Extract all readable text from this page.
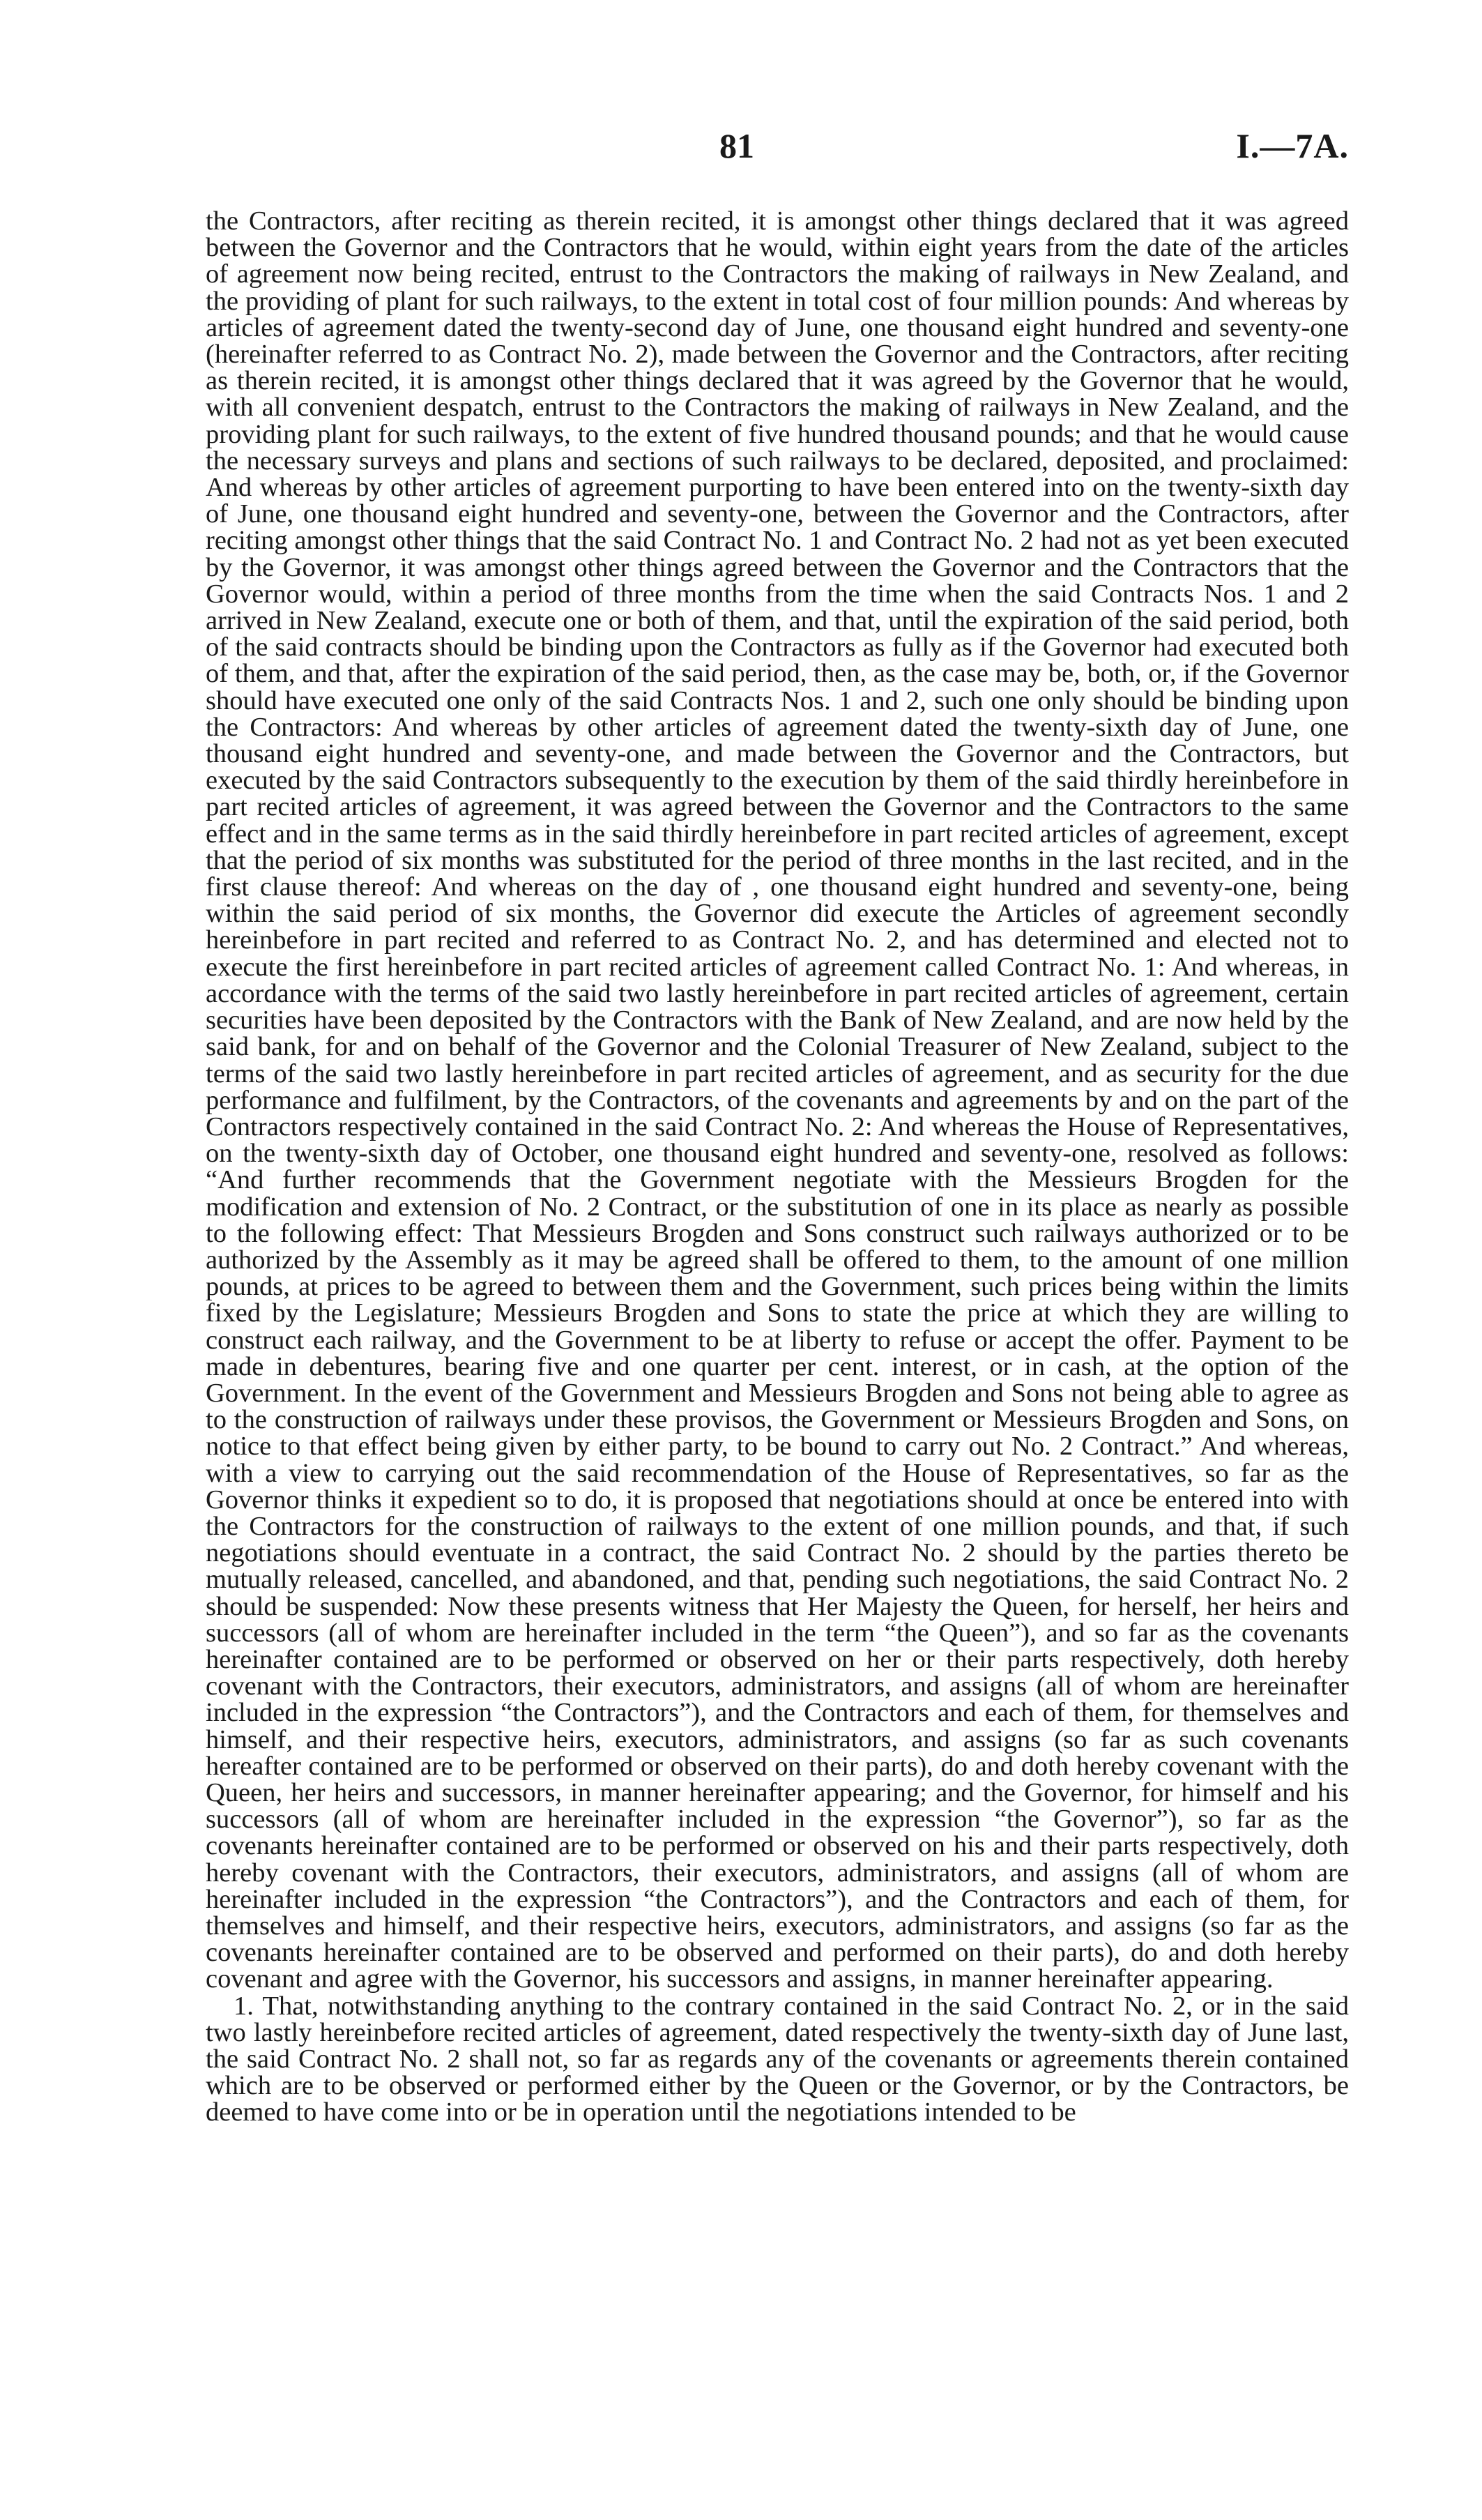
81	I.—7A.

the Contractors, after reciting as therein recited, it is amongst other things declared that it was agreed between the Governor and the Contractors that he would, within eight years from the date of the articles of agreement now being recited, entrust to the Contractors the making of railways in New Zealand, and the providing of plant for such railways, to the extent in total cost of four million pounds: And whereas by articles of agreement dated the twenty-second day of June, one thousand eight hundred and seventy-one (hereinafter referred to as Contract No. 2), made between the Governor and the Contractors, after reciting as therein recited, it is amongst other things declared that it was agreed by the Governor that he would, with all convenient despatch, entrust to the Contractors the making of railways in New Zealand, and the providing plant for such railways, to the extent of five hundred thousand pounds; and that he would cause the necessary surveys and plans and sections of such railways to be declared, deposited, and proclaimed: And whereas by other articles of agreement purporting to have been entered into on the twenty-sixth day of June, one thousand eight hundred and seventy-one, between the Governor and the Contractors, after reciting amongst other things that the said Contract No. 1 and Contract No. 2 had not as yet been executed by the Governor, it was amongst other things agreed between the Governor and the Contractors that the Governor would, within a period of three months from the time when the said Contracts Nos. 1 and 2 arrived in New Zealand, execute one or both of them, and that, until the expiration of the said period, both of the said contracts should be binding upon the Contractors as fully as if the Governor had executed both of them, and that, after the expiration of the said period, then, as the case may be, both, or, if the Governor should have executed one only of the said Contracts Nos. 1 and 2, such one only should be binding upon the Contractors: And whereas by other articles of agreement dated the twenty-sixth day of June, one thousand eight hundred and seventy-one, and made between the Governor and the Contractors, but executed by the said Contractors subsequently to the execution by them of the said thirdly hereinbefore in part recited articles of agreement, it was agreed between the Governor and the Contractors to the same effect and in the same terms as in the said thirdly hereinbefore in part recited articles of agreement, except that the period of six months was substituted for the period of three months in the last recited, and in the first clause thereof: And whereas on the day of , one thousand eight hundred and seventy-one, being within the said period of six months, the Governor did execute the Articles of agreement secondly hereinbefore in part recited and referred to as Contract No. 2, and has determined and elected not to execute the first hereinbefore in part recited articles of agreement called Contract No. 1: And whereas, in accordance with the terms of the said two lastly hereinbefore in part recited articles of agreement, certain securities have been deposited by the Contractors with the Bank of New Zealand, and are now held by the said bank, for and on behalf of the Governor and the Colonial Treasurer of New Zealand, subject to the terms of the said two lastly hereinbefore in part recited articles of agreement, and as security for the due performance and fulfilment, by the Contractors, of the covenants and agreements by and on the part of the Contractors respectively contained in the said Contract No. 2: And whereas the House of Representatives, on the twenty-sixth day of October, one thousand eight hundred and seventy-one, resolved as follows: “And further recommends that the Government negotiate with the Messieurs Brogden for the modification and extension of No. 2 Contract, or the substitution of one in its place as nearly as possible to the following effect: That Messieurs Brogden and Sons construct such railways authorized or to be authorized by the Assembly as it may be agreed shall be offered to them, to the amount of one million pounds, at prices to be agreed to between them and the Government, such prices being within the limits fixed by the Legislature; Messieurs Brogden and Sons to state the price at which they are willing to construct each railway, and the Government to be at liberty to refuse or accept the offer. Payment to be made in debentures, bearing five and one quarter per cent. interest, or in cash, at the option of the Government. In the event of the Government and Messieurs Brogden and Sons not being able to agree as to the construction of railways under these provisos, the Government or Messieurs Brogden and Sons, on notice to that effect being given by either party, to be bound to carry out No. 2 Contract.” And whereas, with a view to carrying out the said recommendation of the House of Representatives, so far as the Governor thinks it expedient so to do, it is proposed that negotiations should at once be entered into with the Contractors for the construction of railways to the extent of one million pounds, and that, if such negotiations should eventuate in a contract, the said Contract No. 2 should by the parties thereto be mutually released, cancelled, and abandoned, and that, pending such negotiations, the said Contract No. 2 should be suspended: Now these presents witness that Her Majesty the Queen, for herself, her heirs and successors (all of whom are hereinafter included in the term “the Queen”), and so far as the covenants hereinafter contained are to be performed or observed on her or their parts respectively, doth hereby covenant with the Contractors, their executors, administrators, and assigns (all of whom are hereinafter included in the expression “the Contractors”), and the Contractors and each of them, for themselves and himself, and their respective heirs, executors, administrators, and assigns (so far as such covenants hereafter contained are to be performed or observed on their parts), do and doth hereby covenant with the Queen, her heirs and successors, in manner hereinafter appearing; and the Governor, for himself and his successors (all of whom are hereinafter included in the expression “the Governor”), so far as the covenants hereinafter contained are to be performed or observed on his and their parts respectively, doth hereby covenant with the Contractors, their executors, administrators, and assigns (all of whom are hereinafter included in the expression “the Contractors”), and the Contractors and each of them, for themselves and himself, and their respective heirs, executors, administrators, and assigns (so far as the covenants hereinafter contained are to be observed and performed on their parts), do and doth hereby covenant and agree with the Governor, his successors and assigns, in manner hereinafter appearing.

1. That, notwithstanding anything to the contrary contained in the said Contract No. 2, or in the said two lastly hereinbefore recited articles of agreement, dated respectively the twenty-sixth day of June last, the said Contract No. 2 shall not, so far as regards any of the covenants or agreements therein contained which are to be observed or performed either by the Queen or the Governor, or by the Contractors, be deemed to have come into or be in operation until the negotiations intended to be
